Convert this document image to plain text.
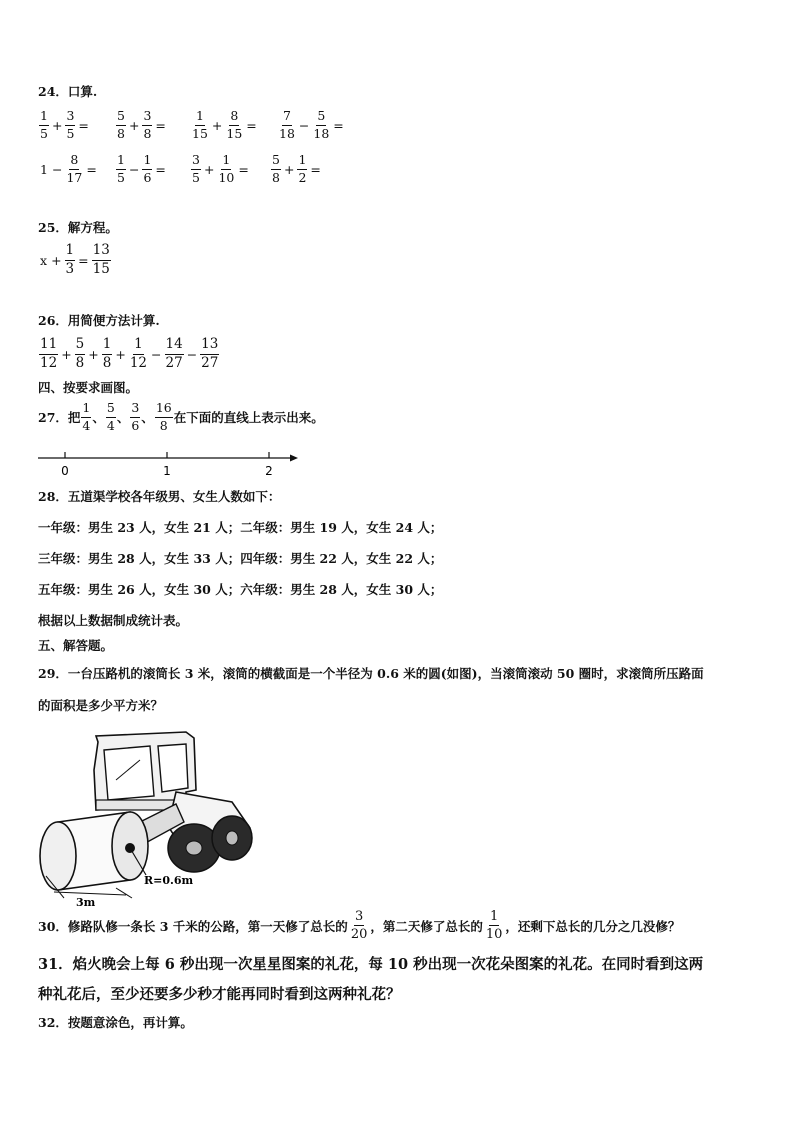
24．口算.
$\frac{1}{5} + \frac{3}{5} = \frac{5}{8} + \frac{3}{8} = \frac{1}{15} + \frac{8}{15} = \frac{7}{18} - \frac{5}{18}$ =
$1 - \frac{8}{17} = \frac{1}{5} - \frac{1}{6} = \frac{3}{5} + \frac{1}{10} = \frac{5}{8} + \frac{1}{2}$ =
25．解方程。
$x + \frac{1}{3} = \frac{13}{15}$
26．用简便方法计算.
$\frac{11}{12} + \frac{5}{8} + \frac{1}{8} + \frac{1}{12} - \frac{14}{27} - \frac{13}{27}$
四、按要求画图。
27．把 $\frac{1}{4}$ 、 $\frac{5}{4}$ 、 $\frac{3}{6}$ 、 $\frac{16}{8}$ 在下面的直线上表示出来。
0	1	2
28．五道渠学校各年级男、女生人数如下：
一年级：男生 23 人，女生 21 人；二年级：男生 19 人，女生 24 人；
三年级：男生 28 人，女生 33 人；四年级：男生 22 人，女生 22 人；
五年级：男生 26 人，女生 30 人；六年级：男生 28 人，女生 30 人；
根据以上数据制成统计表。
五、解答题。
29．一台压路机的滚筒长 3 米，滚筒的横截面是一个半径为 0.6 米的圆(如图)，当滚筒滚动 50 圈时，求滚筒所压路面
的面积是多少平方米？
R=0.6m
3m
30．修路队修一条长 3 千米的公路，第一天修了总长的 $\frac{3}{20}$ ，第二天修了总长的 $\frac{1}{10}$ ，还剩下总长的几分之几没修？
31．焰火晚会上每 6 秒出现一次星星图案的礼花，每 10 秒出现一次花朵图案的礼花。在同时看到这两
种礼花后，至少还要多少秒才能再同时看到这两种礼花？
32．按题意涂色，再计算。
